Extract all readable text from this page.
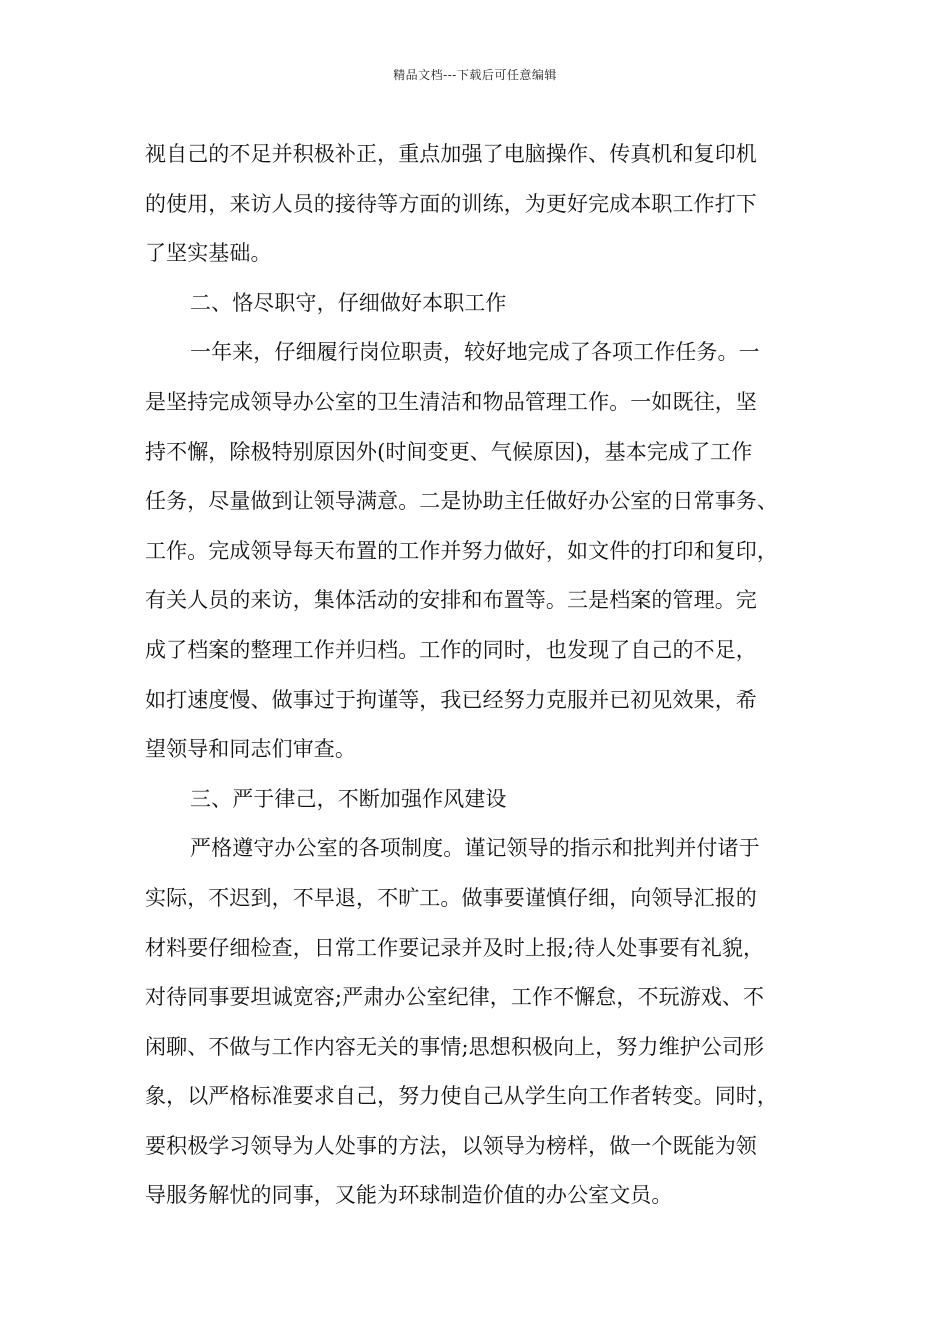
精品文档---下载后可任意编辑
视自己的不足并积极补正，重点加强了电脑操作、传真机和复印机
的使用，来访人员的接待等方面的训练，为更好完成本职工作打下
了坚实基础。
二、恪尽职守，仔细做好本职工作
一年来，仔细履行岗位职责，较好地完成了各项工作任务。一
是坚持完成领导办公室的卫生清洁和物品管理工作。一如既往，坚
持不懈，除极特别原因外(时间变更、气候原因)，基本完成了工作
任务，尽量做到让领导满意。二是协助主任做好办公室的日常事务、
工作。完成领导每天布置的工作并努力做好，如文件的打印和复印，
有关人员的来访，集体活动的安排和布置等。三是档案的管理。完
成了档案的整理工作并归档。工作的同时，也发现了自己的不足，
如打速度慢、做事过于拘谨等，我已经努力克服并已初见效果，希
望领导和同志们审查。
三、严于律己，不断加强作风建设
严格遵守办公室的各项制度。谨记领导的指示和批判并付诸于
实际，不迟到，不早退，不旷工。做事要谨慎仔细，向领导汇报的
材料要仔细检查，日常工作要记录并及时上报;待人处事要有礼貌，
对待同事要坦诚宽容;严肃办公室纪律，工作不懈怠，不玩游戏、不
闲聊、不做与工作内容无关的事情;思想积极向上，努力维护公司形
象，以严格标准要求自己，努力使自己从学生向工作者转变。同时，
要积极学习领导为人处事的方法，以领导为榜样，做一个既能为领
导服务解忧的同事，又能为环球制造价值的办公室文员。
